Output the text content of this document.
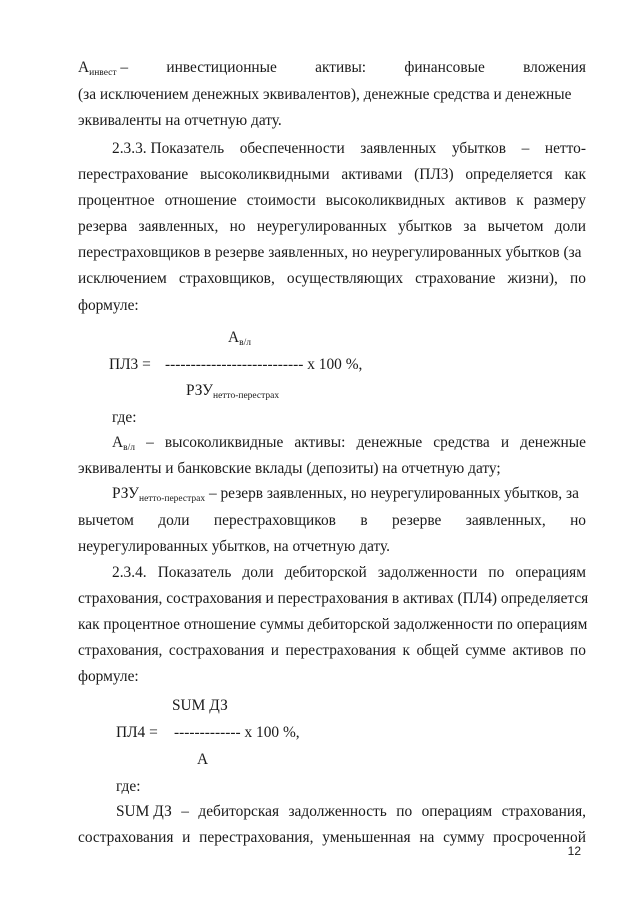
$А_{инвест}$ – инвестиционные активы: финансовые вложения
(за исключением денежных эквивалентов), денежные средства и денежные
эквиваленты на отчетную дату.
2.3.3. Показатель обеспеченности заявленных убытков – нетто-
перестрахование высоколиквидными активами (ПЛ3) определяется как
процентное отношение стоимости высоколиквидных активов к размеру
резерва заявленных, но неурегулированных убытков за вычетом доли
перестраховщиков в резерве заявленных, но неурегулированных убытков (за
исключением страховщиков, осуществляющих страхование жизни), по
формуле:
$А_{в/л}$
ПЛ3 = --------------------------- х 100 %,
$РЗУ_{нетто-перестрах}$
где:
$А_{в/л}$ – высоколиквидные активы: денежные средства и денежные
эквиваленты и банковские вклады (депозиты) на отчетную дату;
$РЗУ_{нетто-перестрах}$ – резерв заявленных, но неурегулированных убытков, за
вычетом доли перестраховщиков в резерве заявленных, но
неурегулированных убытков, на отчетную дату.
2.3.4. Показатель доли дебиторской задолженности по операциям
страхования, сострахования и перестрахования в активах (ПЛ4) определяется
как процентное отношение суммы дебиторской задолженности по операциям
страхования, сострахования и перестрахования к общей сумме активов по
формуле:
SUM ДЗ
ПЛ4 = ------------- х 100 %,
А
где:
SUM ДЗ – дебиторская задолженность по операциям страхования,
сострахования и перестрахования, уменьшенная на сумму просроченной
12
